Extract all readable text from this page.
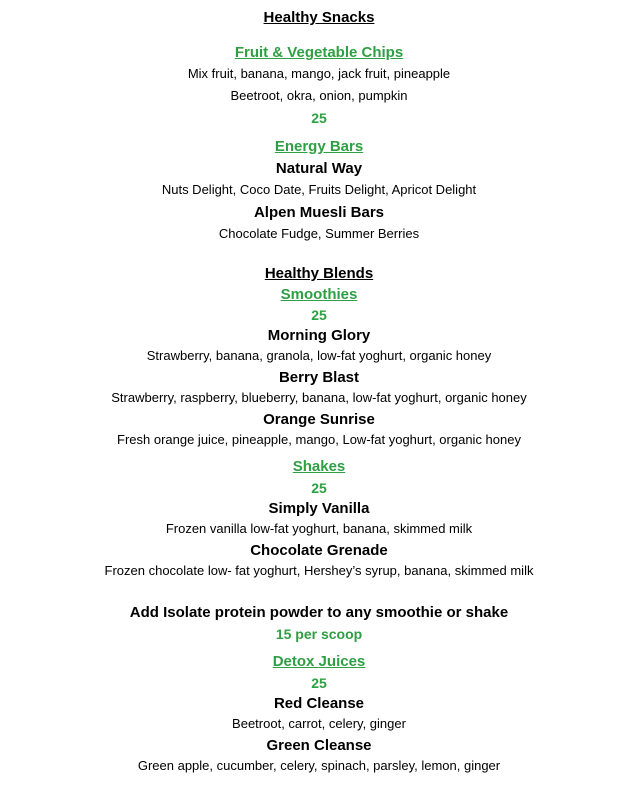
Healthy Snacks
Fruit & Vegetable Chips
Mix fruit, banana, mango, jack fruit, pineapple
Beetroot, okra, onion, pumpkin
25
Energy Bars
Natural Way
Nuts Delight, Coco Date, Fruits Delight, Apricot Delight
Alpen Muesli Bars
Chocolate Fudge, Summer Berries
Healthy Blends
Smoothies
25
Morning Glory
Strawberry, banana, granola, low-fat yoghurt, organic honey
Berry Blast
Strawberry, raspberry, blueberry, banana, low-fat yoghurt, organic honey
Orange Sunrise
Fresh orange juice, pineapple, mango, Low-fat yoghurt, organic honey
Shakes
25
Simply Vanilla
Frozen vanilla low-fat yoghurt, banana, skimmed milk
Chocolate Grenade
Frozen chocolate low- fat yoghurt, Hershey’s syrup, banana, skimmed milk
Add Isolate protein powder to any smoothie or shake
15 per scoop
Detox Juices
25
Red Cleanse
Beetroot, carrot, celery, ginger
Green Cleanse
Green apple, cucumber, celery, spinach, parsley, lemon, ginger
